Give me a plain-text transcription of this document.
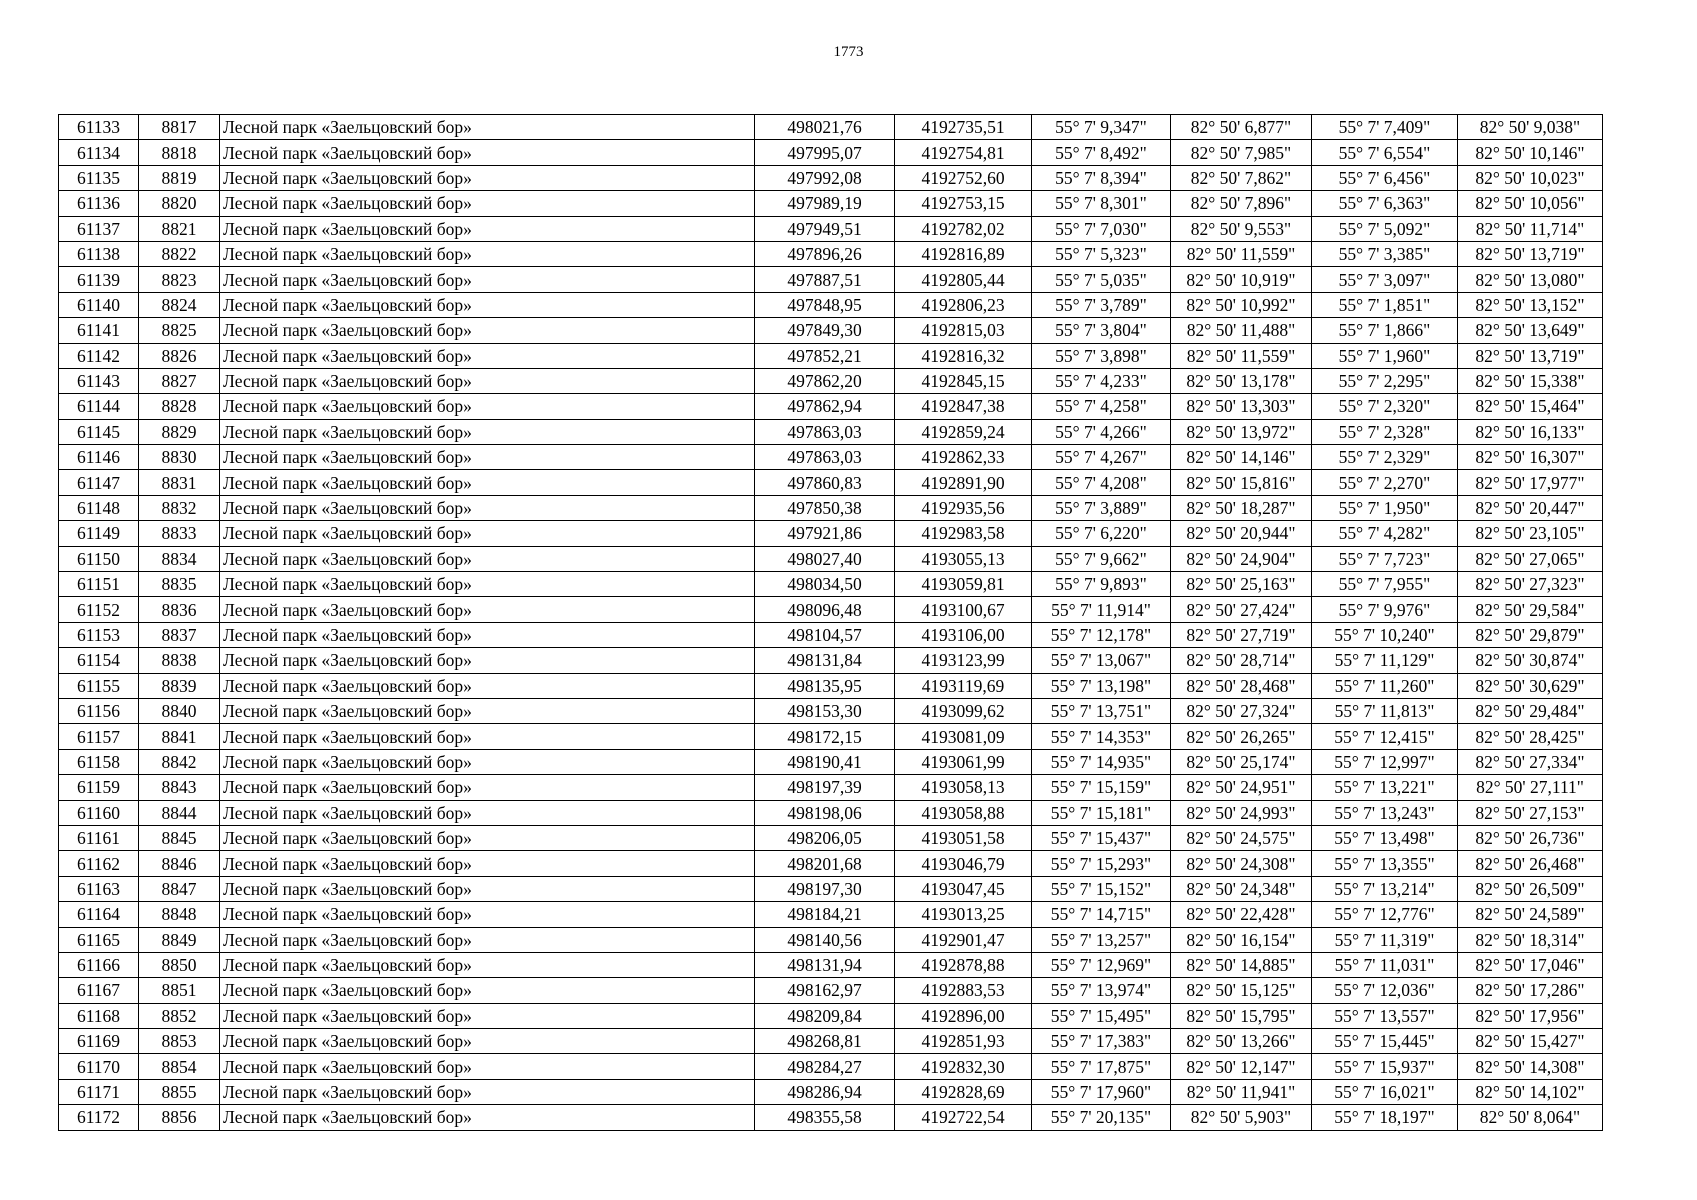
1773
61133	8817	Лесной парк «Заельцовский бор»	498021,76	4192735,51	55° 7' 9,347"	82° 50' 6,877"	55° 7' 7,409"	82° 50' 9,038"
61134	8818	Лесной парк «Заельцовский бор»	497995,07	4192754,81	55° 7' 8,492"	82° 50' 7,985"	55° 7' 6,554"	82° 50' 10,146"
61135	8819	Лесной парк «Заельцовский бор»	497992,08	4192752,60	55° 7' 8,394"	82° 50' 7,862"	55° 7' 6,456"	82° 50' 10,023"
61136	8820	Лесной парк «Заельцовский бор»	497989,19	4192753,15	55° 7' 8,301"	82° 50' 7,896"	55° 7' 6,363"	82° 50' 10,056"
61137	8821	Лесной парк «Заельцовский бор»	497949,51	4192782,02	55° 7' 7,030"	82° 50' 9,553"	55° 7' 5,092"	82° 50' 11,714"
61138	8822	Лесной парк «Заельцовский бор»	497896,26	4192816,89	55° 7' 5,323"	82° 50' 11,559"	55° 7' 3,385"	82° 50' 13,719"
61139	8823	Лесной парк «Заельцовский бор»	497887,51	4192805,44	55° 7' 5,035"	82° 50' 10,919"	55° 7' 3,097"	82° 50' 13,080"
61140	8824	Лесной парк «Заельцовский бор»	497848,95	4192806,23	55° 7' 3,789"	82° 50' 10,992"	55° 7' 1,851"	82° 50' 13,152"
61141	8825	Лесной парк «Заельцовский бор»	497849,30	4192815,03	55° 7' 3,804"	82° 50' 11,488"	55° 7' 1,866"	82° 50' 13,649"
61142	8826	Лесной парк «Заельцовский бор»	497852,21	4192816,32	55° 7' 3,898"	82° 50' 11,559"	55° 7' 1,960"	82° 50' 13,719"
61143	8827	Лесной парк «Заельцовский бор»	497862,20	4192845,15	55° 7' 4,233"	82° 50' 13,178"	55° 7' 2,295"	82° 50' 15,338"
61144	8828	Лесной парк «Заельцовский бор»	497862,94	4192847,38	55° 7' 4,258"	82° 50' 13,303"	55° 7' 2,320"	82° 50' 15,464"
61145	8829	Лесной парк «Заельцовский бор»	497863,03	4192859,24	55° 7' 4,266"	82° 50' 13,972"	55° 7' 2,328"	82° 50' 16,133"
61146	8830	Лесной парк «Заельцовский бор»	497863,03	4192862,33	55° 7' 4,267"	82° 50' 14,146"	55° 7' 2,329"	82° 50' 16,307"
61147	8831	Лесной парк «Заельцовский бор»	497860,83	4192891,90	55° 7' 4,208"	82° 50' 15,816"	55° 7' 2,270"	82° 50' 17,977"
61148	8832	Лесной парк «Заельцовский бор»	497850,38	4192935,56	55° 7' 3,889"	82° 50' 18,287"	55° 7' 1,950"	82° 50' 20,447"
61149	8833	Лесной парк «Заельцовский бор»	497921,86	4192983,58	55° 7' 6,220"	82° 50' 20,944"	55° 7' 4,282"	82° 50' 23,105"
61150	8834	Лесной парк «Заельцовский бор»	498027,40	4193055,13	55° 7' 9,662"	82° 50' 24,904"	55° 7' 7,723"	82° 50' 27,065"
61151	8835	Лесной парк «Заельцовский бор»	498034,50	4193059,81	55° 7' 9,893"	82° 50' 25,163"	55° 7' 7,955"	82° 50' 27,323"
61152	8836	Лесной парк «Заельцовский бор»	498096,48	4193100,67	55° 7' 11,914"	82° 50' 27,424"	55° 7' 9,976"	82° 50' 29,584"
61153	8837	Лесной парк «Заельцовский бор»	498104,57	4193106,00	55° 7' 12,178"	82° 50' 27,719"	55° 7' 10,240"	82° 50' 29,879"
61154	8838	Лесной парк «Заельцовский бор»	498131,84	4193123,99	55° 7' 13,067"	82° 50' 28,714"	55° 7' 11,129"	82° 50' 30,874"
61155	8839	Лесной парк «Заельцовский бор»	498135,95	4193119,69	55° 7' 13,198"	82° 50' 28,468"	55° 7' 11,260"	82° 50' 30,629"
61156	8840	Лесной парк «Заельцовский бор»	498153,30	4193099,62	55° 7' 13,751"	82° 50' 27,324"	55° 7' 11,813"	82° 50' 29,484"
61157	8841	Лесной парк «Заельцовский бор»	498172,15	4193081,09	55° 7' 14,353"	82° 50' 26,265"	55° 7' 12,415"	82° 50' 28,425"
61158	8842	Лесной парк «Заельцовский бор»	498190,41	4193061,99	55° 7' 14,935"	82° 50' 25,174"	55° 7' 12,997"	82° 50' 27,334"
61159	8843	Лесной парк «Заельцовский бор»	498197,39	4193058,13	55° 7' 15,159"	82° 50' 24,951"	55° 7' 13,221"	82° 50' 27,111"
61160	8844	Лесной парк «Заельцовский бор»	498198,06	4193058,88	55° 7' 15,181"	82° 50' 24,993"	55° 7' 13,243"	82° 50' 27,153"
61161	8845	Лесной парк «Заельцовский бор»	498206,05	4193051,58	55° 7' 15,437"	82° 50' 24,575"	55° 7' 13,498"	82° 50' 26,736"
61162	8846	Лесной парк «Заельцовский бор»	498201,68	4193046,79	55° 7' 15,293"	82° 50' 24,308"	55° 7' 13,355"	82° 50' 26,468"
61163	8847	Лесной парк «Заельцовский бор»	498197,30	4193047,45	55° 7' 15,152"	82° 50' 24,348"	55° 7' 13,214"	82° 50' 26,509"
61164	8848	Лесной парк «Заельцовский бор»	498184,21	4193013,25	55° 7' 14,715"	82° 50' 22,428"	55° 7' 12,776"	82° 50' 24,589"
61165	8849	Лесной парк «Заельцовский бор»	498140,56	4192901,47	55° 7' 13,257"	82° 50' 16,154"	55° 7' 11,319"	82° 50' 18,314"
61166	8850	Лесной парк «Заельцовский бор»	498131,94	4192878,88	55° 7' 12,969"	82° 50' 14,885"	55° 7' 11,031"	82° 50' 17,046"
61167	8851	Лесной парк «Заельцовский бор»	498162,97	4192883,53	55° 7' 13,974"	82° 50' 15,125"	55° 7' 12,036"	82° 50' 17,286"
61168	8852	Лесной парк «Заельцовский бор»	498209,84	4192896,00	55° 7' 15,495"	82° 50' 15,795"	55° 7' 13,557"	82° 50' 17,956"
61169	8853	Лесной парк «Заельцовский бор»	498268,81	4192851,93	55° 7' 17,383"	82° 50' 13,266"	55° 7' 15,445"	82° 50' 15,427"
61170	8854	Лесной парк «Заельцовский бор»	498284,27	4192832,30	55° 7' 17,875"	82° 50' 12,147"	55° 7' 15,937"	82° 50' 14,308"
61171	8855	Лесной парк «Заельцовский бор»	498286,94	4192828,69	55° 7' 17,960"	82° 50' 11,941"	55° 7' 16,021"	82° 50' 14,102"
61172	8856	Лесной парк «Заельцовский бор»	498355,58	4192722,54	55° 7' 20,135"	82° 50' 5,903"	55° 7' 18,197"	82° 50' 8,064"
